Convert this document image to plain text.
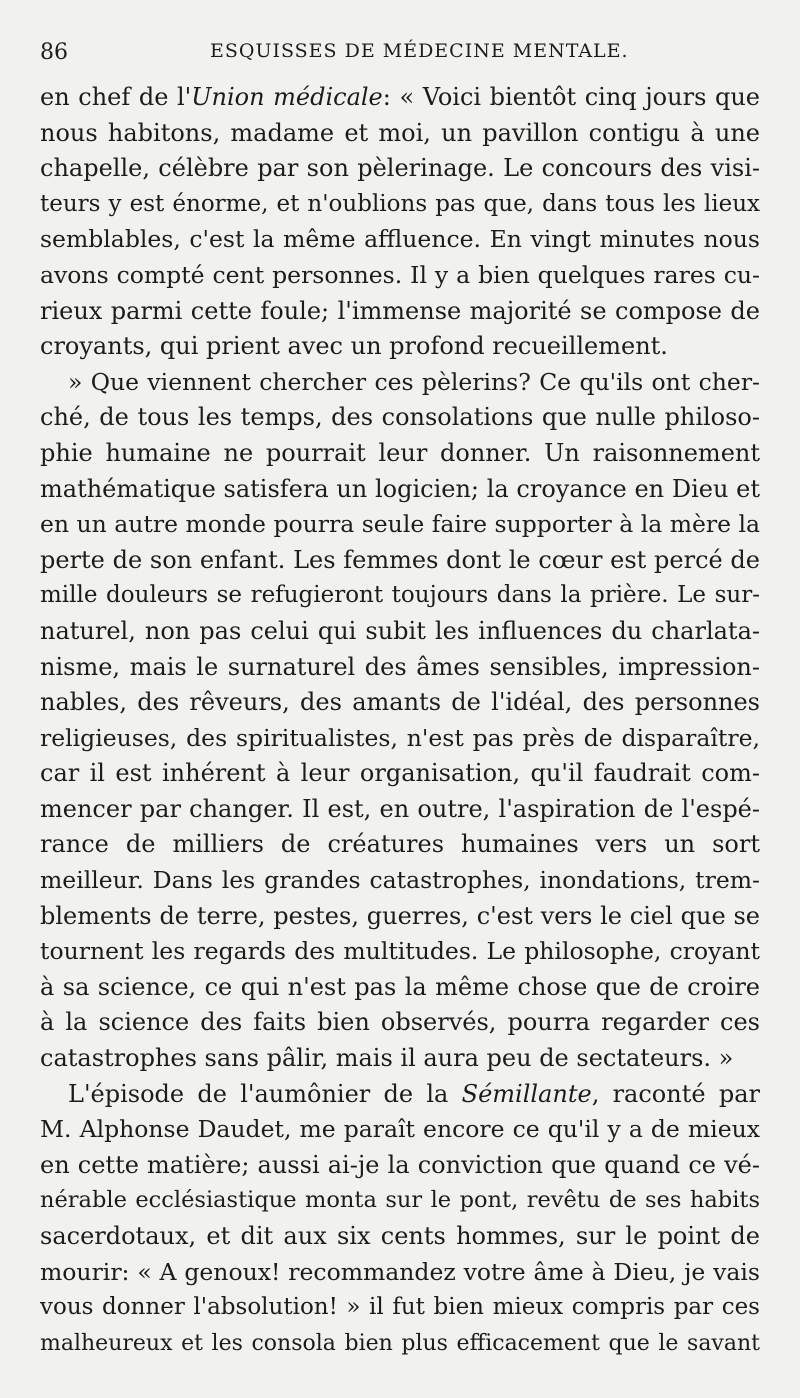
86	ESQUISSES DE MÉDECINE MENTALE.
en chef de l'Union médicale: « Voici bientôt cinq jours que
nous habitons, madame et moi, un pavillon contigu à une
chapelle, célèbre par son pèlerinage. Le concours des visi-
teurs y est énorme, et n'oublions pas que, dans tous les lieux
semblables, c'est la même affluence. En vingt minutes nous
avons compté cent personnes. Il y a bien quelques rares cu-
rieux parmi cette foule; l'immense majorité se compose de
croyants, qui prient avec un profond recueillement.
» Que viennent chercher ces pèlerins? Ce qu'ils ont cher-
ché, de tous les temps, des consolations que nulle philoso-
phie humaine ne pourrait leur donner. Un raisonnement
mathématique satisfera un logicien; la croyance en Dieu et
en un autre monde pourra seule faire supporter à la mère la
perte de son enfant. Les femmes dont le cœur est percé de
mille douleurs se refugieront toujours dans la prière. Le sur-
naturel, non pas celui qui subit les influences du charlata-
nisme, mais le surnaturel des âmes sensibles, impression-
nables, des rêveurs, des amants de l'idéal, des personnes
religieuses, des spiritualistes, n'est pas près de disparaître,
car il est inhérent à leur organisation, qu'il faudrait com-
mencer par changer. Il est, en outre, l'aspiration de l'espé-
rance de milliers de créatures humaines vers un sort
meilleur. Dans les grandes catastrophes, inondations, trem-
blements de terre, pestes, guerres, c'est vers le ciel que se
tournent les regards des multitudes. Le philosophe, croyant
à sa science, ce qui n'est pas la même chose que de croire
à la science des faits bien observés, pourra regarder ces
catastrophes sans pâlir, mais il aura peu de sectateurs. »
L'épisode de l'aumônier de la Sémillante, raconté par
M. Alphonse Daudet, me paraît encore ce qu'il y a de mieux
en cette matière; aussi ai-je la conviction que quand ce vé-
nérable ecclésiastique monta sur le pont, revêtu de ses habits
sacerdotaux, et dit aux six cents hommes, sur le point de
mourir: « A genoux! recommandez votre âme à Dieu, je vais
vous donner l'absolution! » il fut bien mieux compris par ces
malheureux et les consola bien plus efficacement que le savant
